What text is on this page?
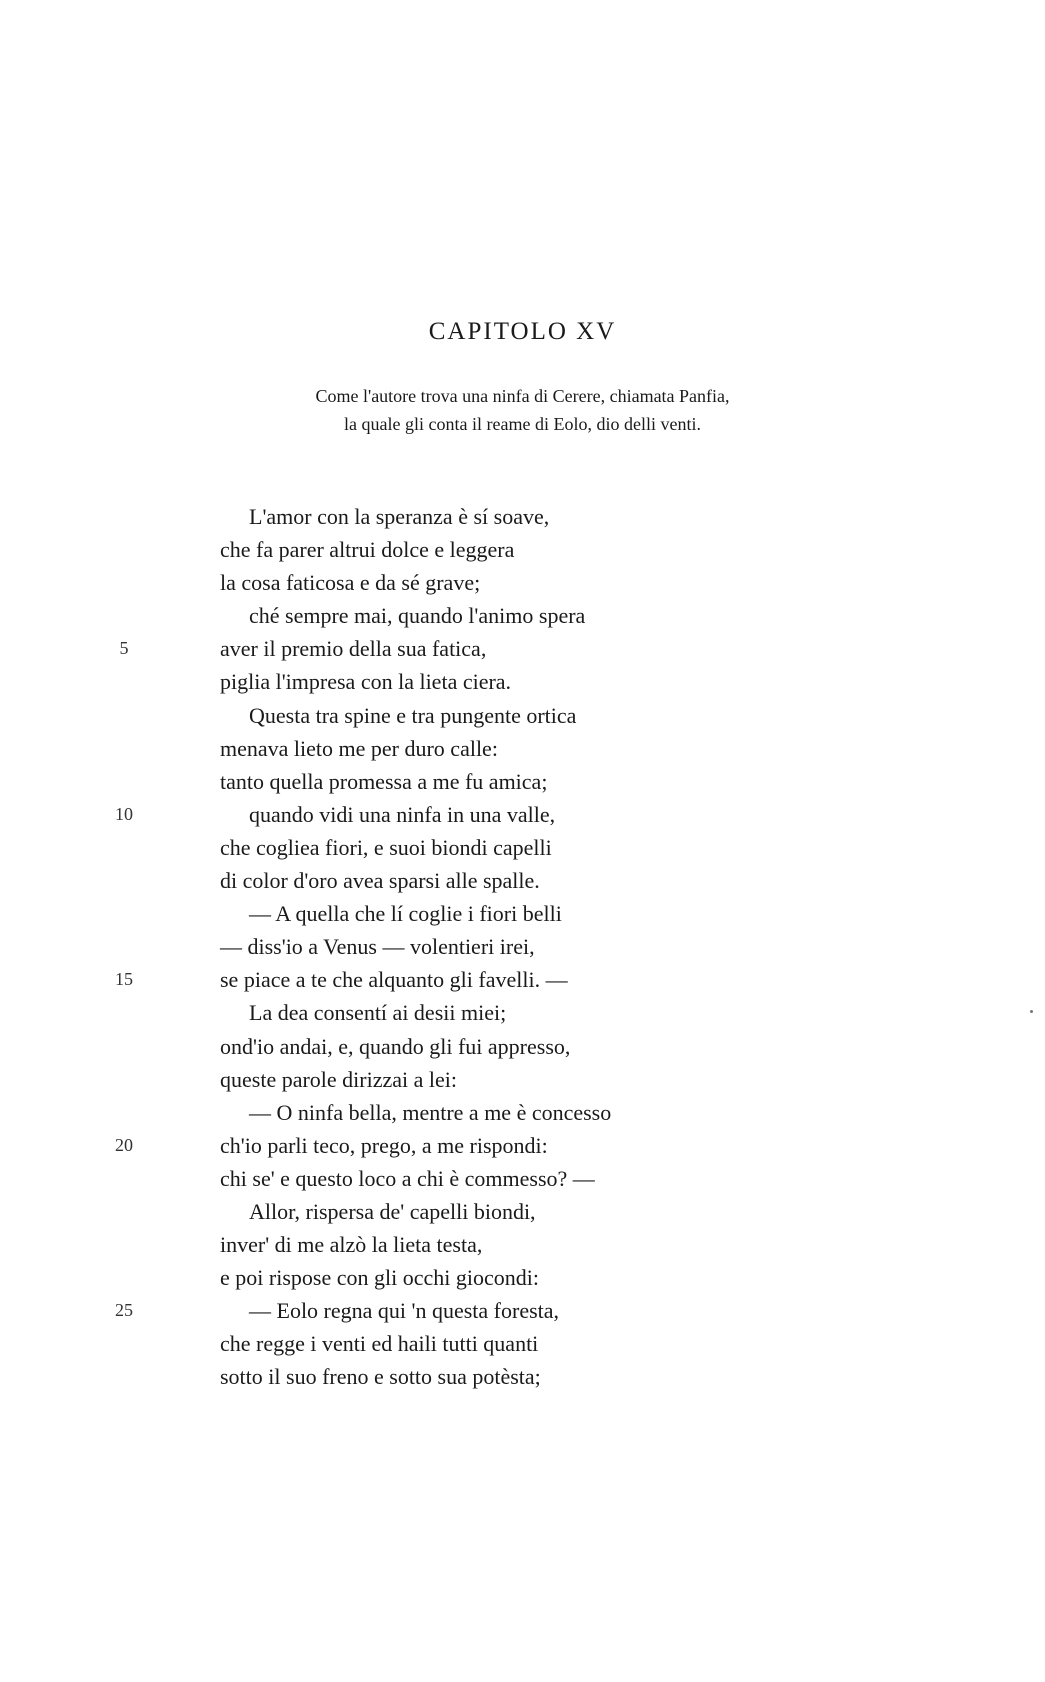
CAPITOLO XV
Come l'autore trova una ninfa di Cerere, chiamata Panfia,
la quale gli conta il reame di Eolo, dio delli venti.
L'amor con la speranza è sí soave,
che fa parer altrui dolce e leggera
la cosa faticosa e da sé grave;
ché sempre mai, quando l'animo spera
5	aver il premio della sua fatica,
piglia l'impresa con la lieta ciera.
Questa tra spine e tra pungente ortica
menava lieto me per duro calle:
tanto quella promessa a me fu amica;
10	quando vidi una ninfa in una valle,
che cogliea fiori, e suoi biondi capelli
di color d'oro avea sparsi alle spalle.
— A quella che lí coglie i fiori belli
— diss'io a Venus — volentieri irei,
15	se piace a te che alquanto gli favelli. —
La dea consentí ai desii miei;
ond'io andai, e, quando gli fui appresso,
queste parole dirizzai a lei:
— O ninfa bella, mentre a me è concesso
20	ch'io parli teco, prego, a me rispondi:
chi se' e questo loco a chi è commesso? —
Allor, rispersa de' capelli biondi,
inver' di me alzò la lieta testa,
e poi rispose con gli occhi giocondi:
25	— Eolo regna qui 'n questa foresta,
che regge i venti ed haili tutti quanti
sotto il suo freno e sotto sua potèsta;
